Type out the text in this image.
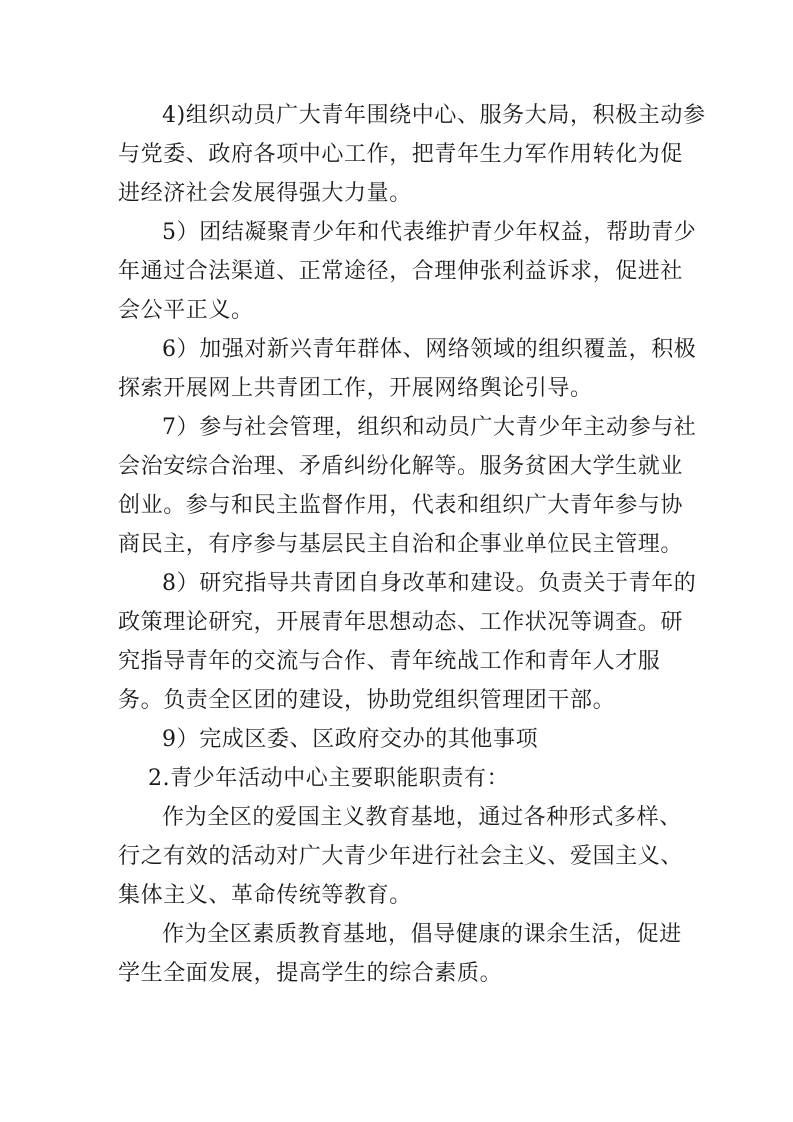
4)组织动员广大青年围绕中心、服务大局，积极主动参
与党委、政府各项中心工作，把青年生力军作用转化为促
进经济社会发展得强大力量。
5）团结凝聚青少年和代表维护青少年权益，帮助青少
年通过合法渠道、正常途径，合理伸张利益诉求，促进社
会公平正义。
6）加强对新兴青年群体、网络领域的组织覆盖，积极
探索开展网上共青团工作，开展网络舆论引导。
7）参与社会管理，组织和动员广大青少年主动参与社
会治安综合治理、矛盾纠纷化解等。服务贫困大学生就业
创业。参与和民主监督作用，代表和组织广大青年参与协
商民主，有序参与基层民主自治和企事业单位民主管理。
8）研究指导共青团自身改革和建设。负责关于青年的
政策理论研究，开展青年思想动态、工作状况等调查。研
究指导青年的交流与合作、青年统战工作和青年人才服
务。负责全区团的建设，协助党组织管理团干部。
9）完成区委、区政府交办的其他事项
2.青少年活动中心主要职能职责有：
作为全区的爱国主义教育基地，通过各种形式多样、
行之有效的活动对广大青少年进行社会主义、爱国主义、
集体主义、革命传统等教育。
作为全区素质教育基地，倡导健康的课余生活，促进
学生全面发展，提高学生的综合素质。
